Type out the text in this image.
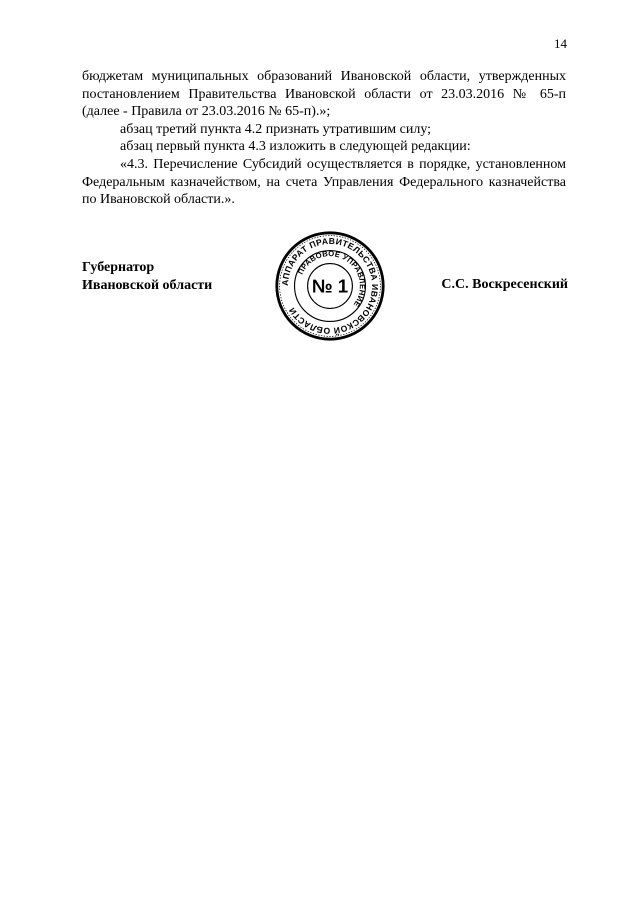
14

бюджетам муниципальных образований Ивановской области, утвержденных постановлением Правительства Ивановской области от 23.03.2016 № 65-п (далее - Правила от 23.03.2016 № 65-п).»;

абзац третий пункта 4.2 признать утратившим силу;

абзац первый пункта 4.3 изложить в следующей редакции:

«4.3. Перечисление Субсидий осуществляется в порядке, установленном Федеральным казначейством, на счета Управления Федерального казначейства по Ивановской области.».

Губернатор
Ивановской области	С.С. Воскресенский
АППАРАТ ПРАВИТЕЛЬСТВА ИВАНОВСКОЙ ОБЛАСТИ
ПРАВОВОЕ УПРАВЛЕНИЕ
№ 1
